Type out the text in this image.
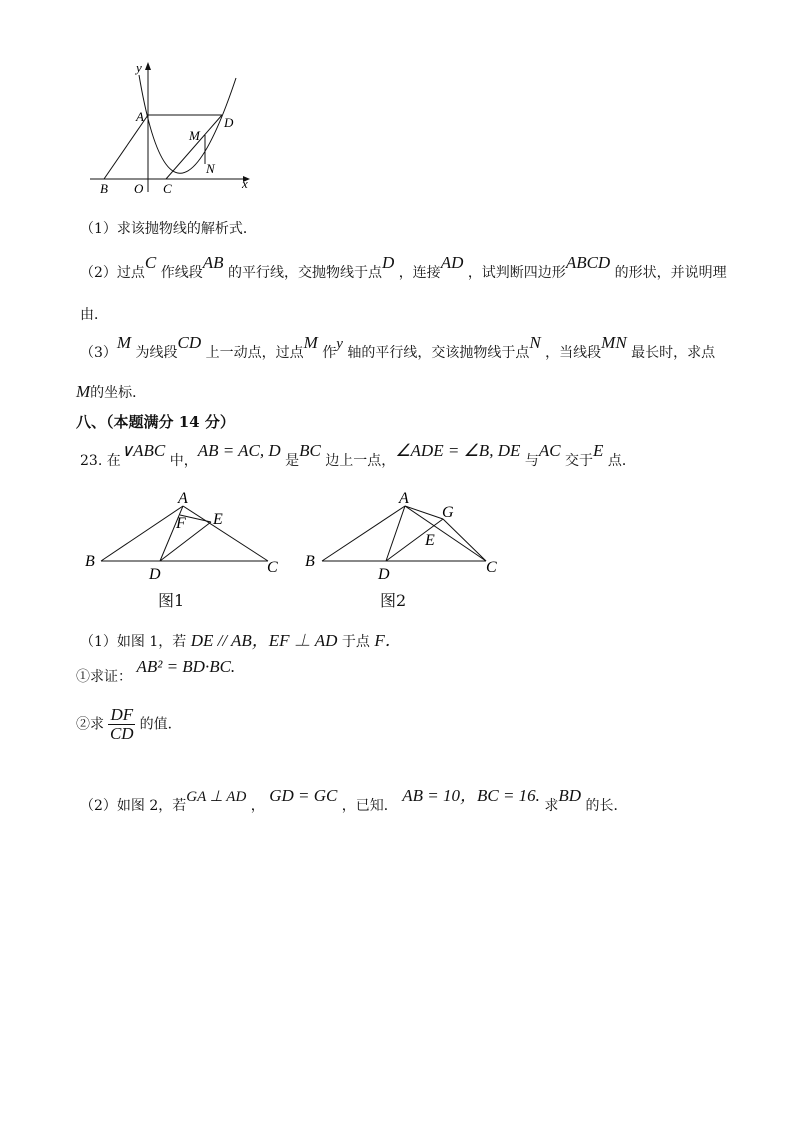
y
x
A
B O C
D
M
N
（1）求该抛物线的解析式．
（2）过点C 作线段AB 的平行线，交抛物线于点D ，连接AD ，试判断四边形ABCD 的形状，并说明理
由．
（3）M 为线段CD 上一动点，过点M 作y 轴的平行线，交该抛物线于点N ，当线段MN 最长时，求点
M的坐标．
八、（本题满分 14 分）
23. 在∨ABC 中，AB = AC, D 是BC 边上一点，∠ADE = ∠B, DE 与AC 交于E 点．
A
F E
B
D	C
图1
A
G
E
B
D	C
图2
（1）如图 1，若 DE // AB，EF ⊥ AD 于点 F．
①求证： AB² = BD·BC.
②求 $\frac{DF}{CD}$ 的值．
（2）如图 2，若GA ⊥ AD ， GD = GC ，已知． AB = 10，BC = 16. 求BD 的长．
